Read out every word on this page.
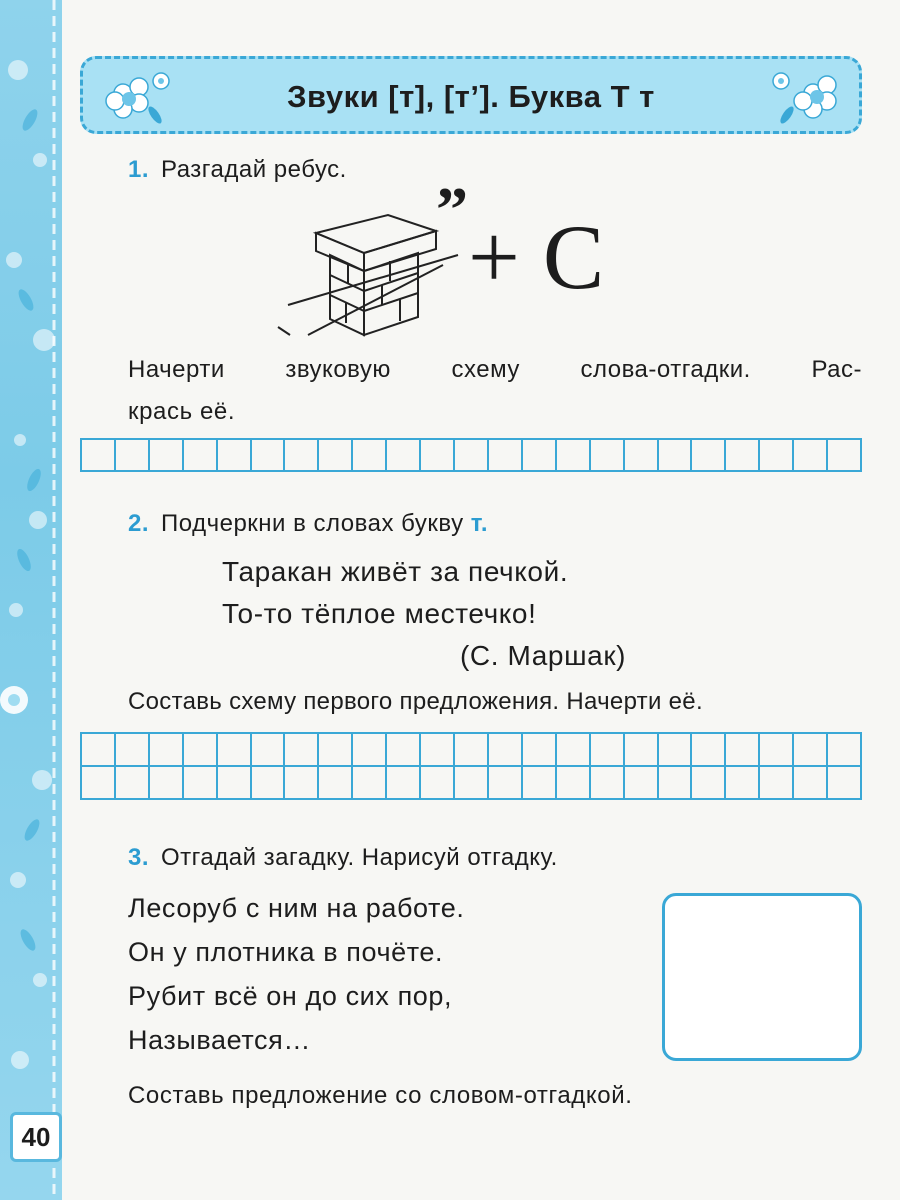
40
Звуки [т], [тʼ]. Буква Т т
1. Разгадай ребус.
” + С
Начерти звуковую схему слова-отгадки. Рас-
крась её.
2. Подчеркни в словах букву т.
Таракан живёт за печкой.
То-то тёплое местечко!
(С. Маршак)
Составь схему первого предложения. Начерти её.
3. Отгадай загадку. Нарисуй отгадку.
Лесоруб с ним на работе.
Он у плотника в почёте.
Рубит всё он до сих пор,
Называется…
Составь предложение со словом-отгадкой.
